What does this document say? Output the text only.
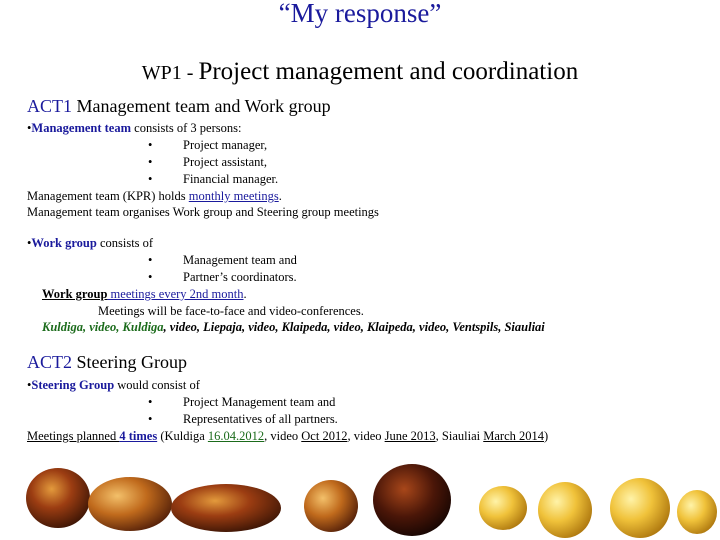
“My response”
WP1 - Project management and coordination
ACT1 Management team and Work group
•Management team consists of 3 persons:
• Project manager,
• Project assistant,
• Financial manager.
Management team (KPR) holds monthly meetings.
Management team organises Work group and Steering group meetings
•Work group consists of
• Management team and
• Partner’s coordinators.
Work group meetings every 2nd month.
Meetings will be face-to-face and video-conferences.
Kuldiga, video, Kuldiga, video, Liepaja, video, Klaipeda, video, Klaipeda, video, Ventspils, Siauliai
ACT2 Steering Group
•Steering Group would consist of
• Project Management team and
• Representatives of all partners.
Meetings planned 4 times (Kuldiga 16.04.2012, video Oct 2012, video June 2013, Siauliai March 2014)
